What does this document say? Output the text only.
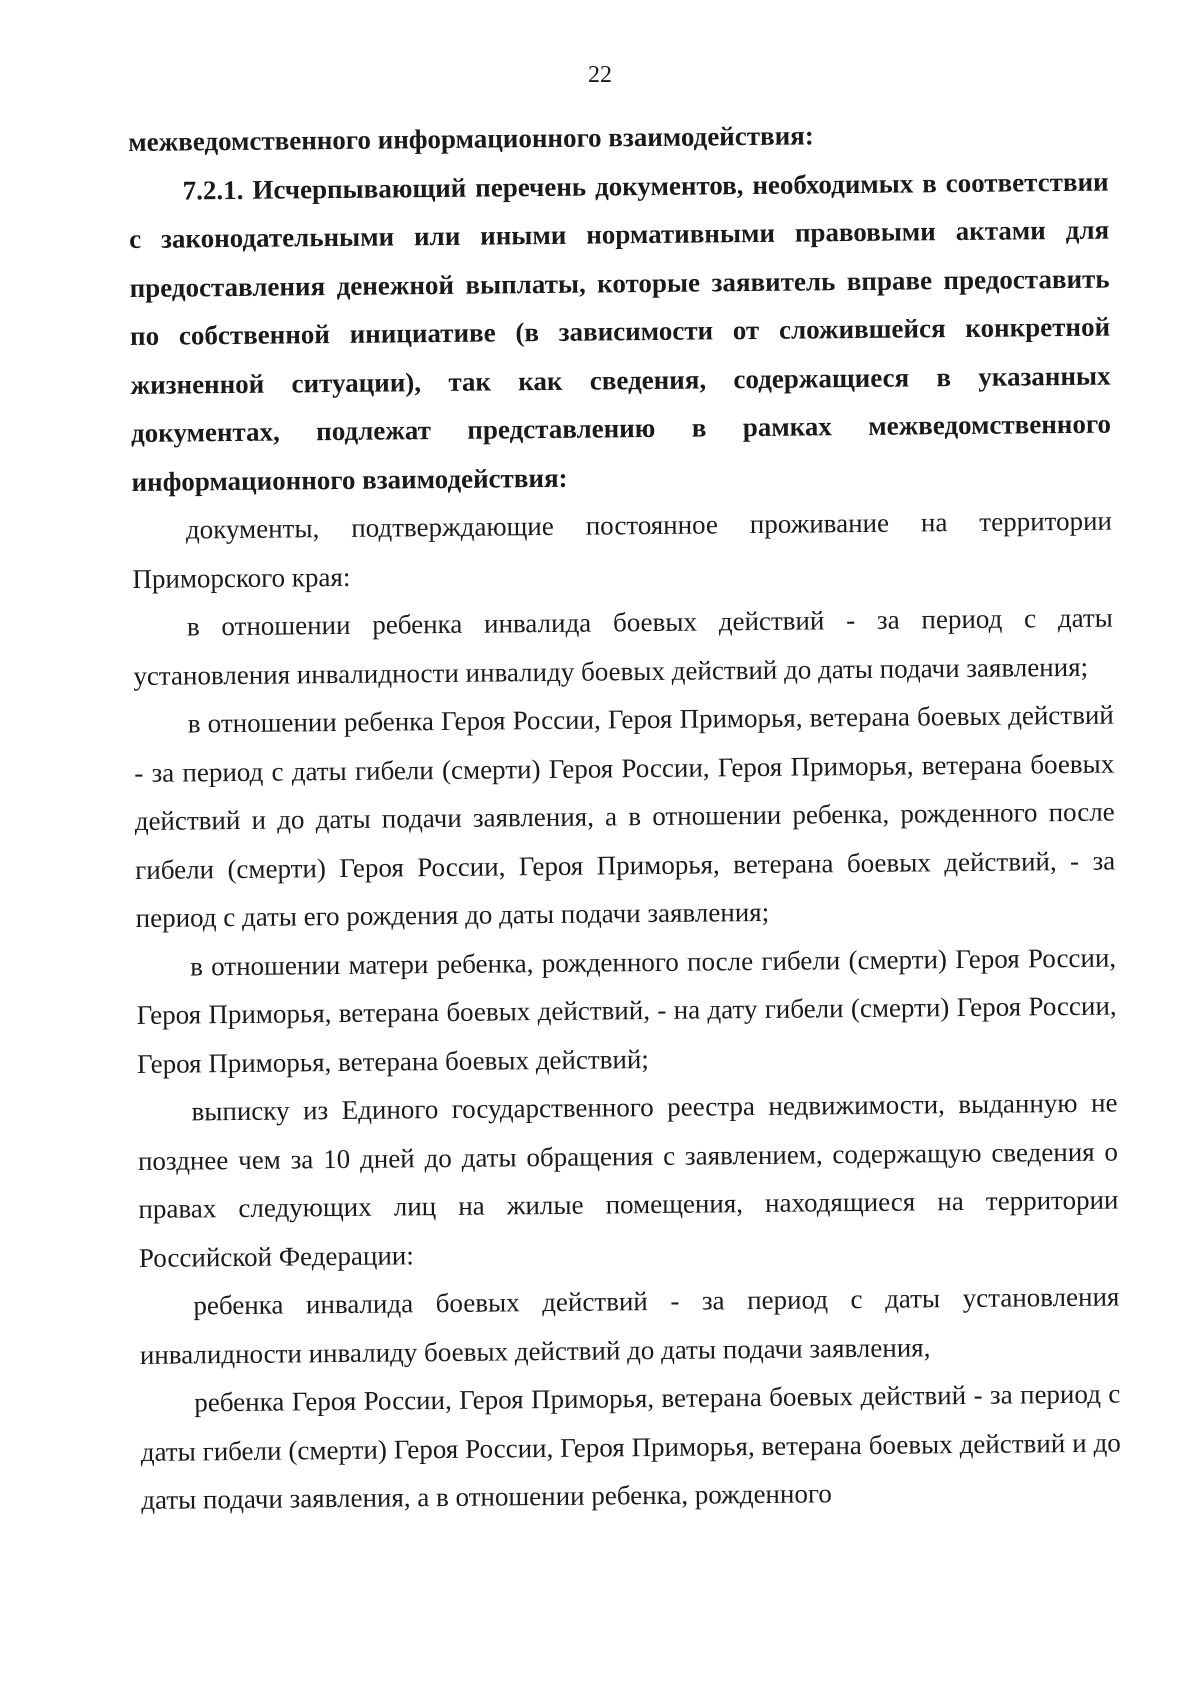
22

межведомственного информационного взаимодействия:

7.2.1. Исчерпывающий перечень документов, необходимых в соответствии с законодательными или иными нормативными правовыми актами для предоставления денежной выплаты, которые заявитель вправе предоставить по собственной инициативе (в зависимости от сложившейся конкретной жизненной ситуации), так как сведения, содержащиеся в указанных документах, подлежат представлению в рамках межведомственного информационного взаимодействия:

документы, подтверждающие постоянное проживание на территории Приморского края:

в отношении ребенка инвалида боевых действий - за период с даты установления инвалидности инвалиду боевых действий до даты подачи заявления;

в отношении ребенка Героя России, Героя Приморья, ветерана боевых действий - за период с даты гибели (смерти) Героя России, Героя Приморья, ветерана боевых действий и до даты подачи заявления, а в отношении ребенка, рожденного после гибели (смерти) Героя России, Героя Приморья, ветерана боевых действий, - за период с даты его рождения до даты подачи заявления;

в отношении матери ребенка, рожденного после гибели (смерти) Героя России, Героя Приморья, ветерана боевых действий, - на дату гибели (смерти) Героя России, Героя Приморья, ветерана боевых действий;

выписку из Единого государственного реестра недвижимости, выданную не позднее чем за 10 дней до даты обращения с заявлением, содержащую сведения о правах следующих лиц на жилые помещения, находящиеся на территории Российской Федерации:

ребенка инвалида боевых действий - за период с даты установления инвалидности инвалиду боевых действий до даты подачи заявления,

ребенка Героя России, Героя Приморья, ветерана боевых действий - за период с даты гибели (смерти) Героя России, Героя Приморья, ветерана боевых действий и до даты подачи заявления, а в отношении ребенка, рожденного
